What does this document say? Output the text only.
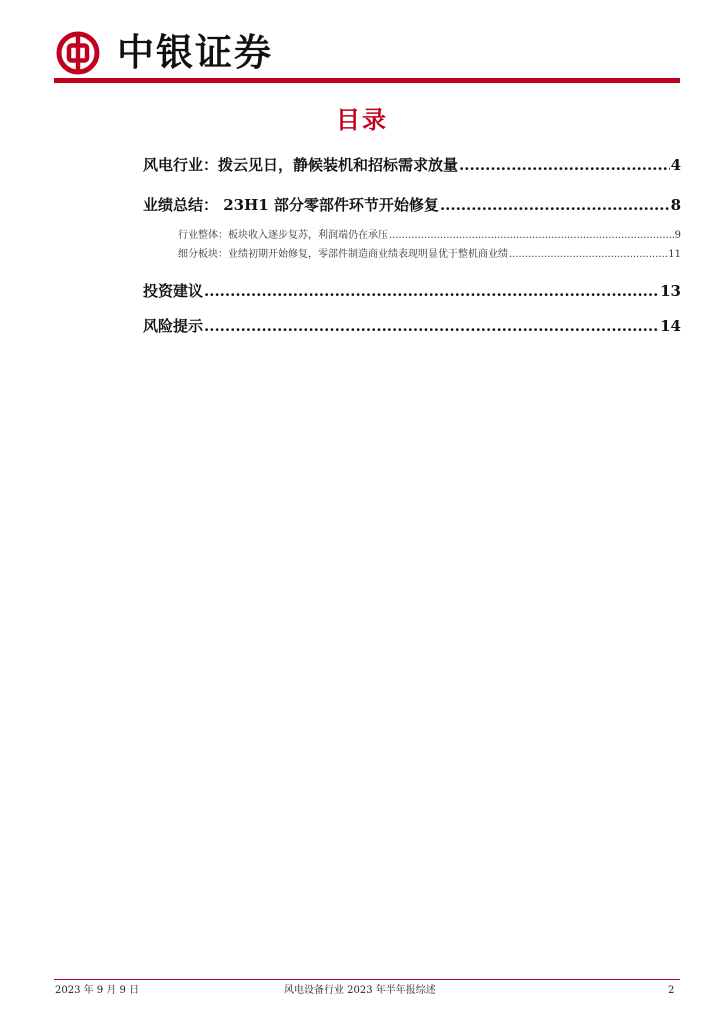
中银证券
目录
风电行业：拨云见日，静候装机和招标需求放量 .....	4
业绩总结： 23H1 部分零部件环节开始修复 .....	8
行业整体：板块收入逐步复苏，利润端仍在承压 .....	9
细分板块：业绩初期开始修复，零部件制造商业绩表现明显优于整机商业绩 .....	11
投资建议 .....	13
风险提示 .....	14
2023 年 9 月 9 日	风电设备行业 2023 年半年报综述	2
